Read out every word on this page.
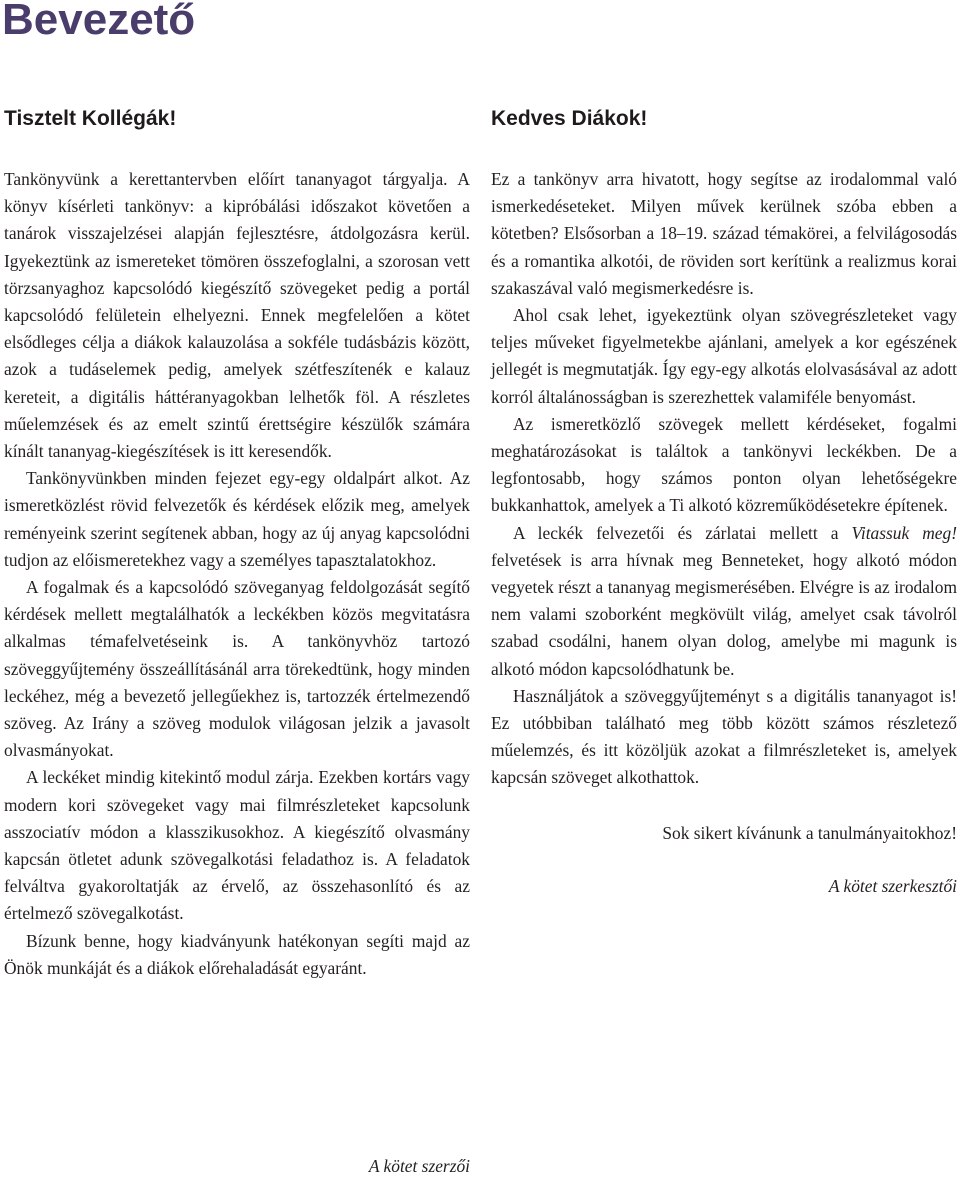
Bevezető
Tisztelt Kollégák!

Tankönyvünk a kerettantervben előírt tananyagot tárgyalja. A könyv kísérleti tankönyv: a kipróbálási időszakot követően a tanárok visszajelzései alapján fejlesztésre, átdolgozásra kerül. Igyekeztünk az ismereteket tömören összefoglalni, a szorosan vett törzsanyaghoz kapcsolódó kiegészítő szövegeket pedig a portál kapcsolódó felületein elhelyezni. Ennek megfelelően a kötet elsődleges célja a diákok kalauzolása a sokféle tudásbázis között, azok a tudáselemek pedig, amelyek szétfeszítenék e kalauz kereteit, a digitális háttéranyagokban lelhetők föl. A részletes műelemzések és az emelt szintű érettségire készülők számára kínált tananyag-kiegészítések is itt keresendők.

Tankönyvünkben minden fejezet egy-egy oldalpárt alkot. Az ismeretközlést rövid felvezetők és kérdések előzik meg, amelyek reményeink szerint segítenek abban, hogy az új anyag kapcsolódni tudjon az előismeretekhez vagy a személyes tapasztalatokhoz.

A fogalmak és a kapcsolódó szöveganyag feldolgozását segítő kérdések mellett megtalálhatók a leckékben közös megvitatásra alkalmas témafelvetéseink is. A tankönyvhöz tartozó szöveggyűjtemény összeállításánál arra törekedtünk, hogy minden leckéhez, még a bevezető jellegűekhez is, tartozzék értelmezendő szöveg. Az Irány a szöveg modulok világosan jelzik a javasolt olvasmányokat.

A leckéket mindig kitekintő modul zárja. Ezekben kortárs vagy modern kori szövegeket vagy mai filmrészleteket kapcsolunk asszociatív módon a klasszikusokhoz. A kiegészítő olvasmány kapcsán ötletet adunk szövegalkotási feladathoz is. A feladatok felváltva gyakoroltatják az érvelő, az összehasonlító és az értelmező szövegalkotást.

Bízunk benne, hogy kiadványunk hatékonyan segíti majd az Önök munkáját és a diákok előrehaladását egyaránt.

A kötet szerzői

Kedves Diákok!

Ez a tankönyv arra hivatott, hogy segítse az irodalommal való ismerkedéseteket. Milyen művek kerülnek szóba ebben a kötetben? Elsősorban a 18–19. század témakörei, a felvilágosodás és a romantika alkotói, de röviden sort kerítünk a realizmus korai szakaszával való megismerkedésre is.

Ahol csak lehet, igyekeztünk olyan szövegrészleteket vagy teljes műveket figyelmetekbe ajánlani, amelyek a kor egészének jellegét is megmutatják. Így egy-egy alkotás elolvasásával az adott korról általánosságban is szerezhettek valamiféle benyomást.

Az ismeretközlő szövegek mellett kérdéseket, fogalmi meghatározásokat is találtok a tankönyvi leckékben. De a legfontosabb, hogy számos ponton olyan lehetőségekre bukkanhattok, amelyek a Ti alkotó közreműködésetekre építenek.

A leckék felvezetői és zárlatai mellett a Vitassuk meg! felvetések is arra hívnak meg Benneteket, hogy alkotó módon vegyetek részt a tananyag megismerésében. Elvégre is az irodalom nem valami szoborként megkövült világ, amelyet csak távolról szabad csodálni, hanem olyan dolog, amelybe mi magunk is alkotó módon kapcsolódhatunk be.

Használjátok a szöveggyűjteményt s a digitális tananyagot is! Ez utóbbiban található meg több között számos részletező műelemzés, és itt közöljük azokat a filmrészleteket is, amelyek kapcsán szöveget alkothattok.

Sok sikert kívánunk a tanulmányaitokhoz!

A kötet szerkesztői
